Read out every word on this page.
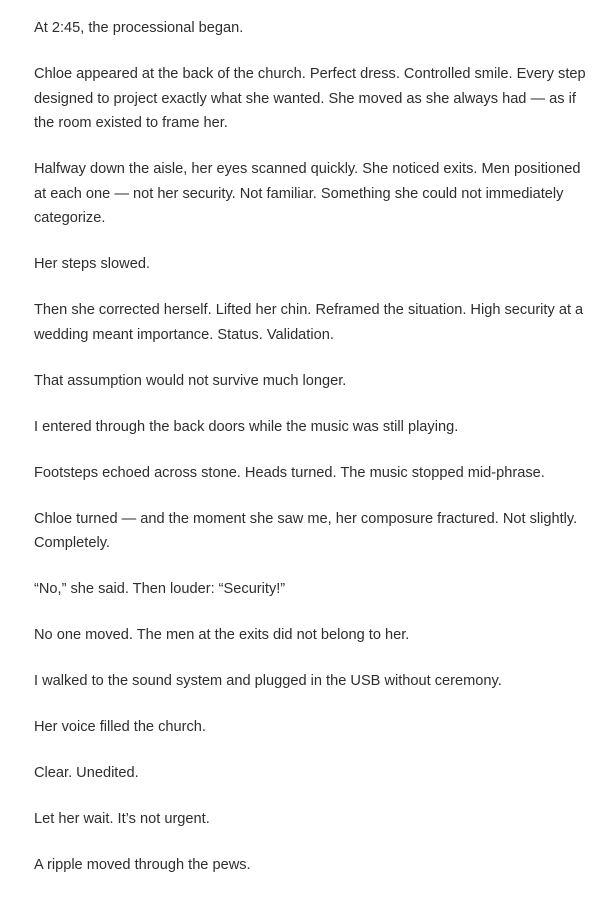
At 2:45, the processional began.

Chloe appeared at the back of the church. Perfect dress. Controlled smile. Every step designed to project exactly what she wanted. She moved as she always had — as if the room existed to frame her.

Halfway down the aisle, her eyes scanned quickly. She noticed exits. Men positioned at each one — not her security. Not familiar. Something she could not immediately categorize.

Her steps slowed.

Then she corrected herself. Lifted her chin. Reframed the situation. High security at a wedding meant importance. Status. Validation.

That assumption would not survive much longer.

I entered through the back doors while the music was still playing.

Footsteps echoed across stone. Heads turned. The music stopped mid-phrase.

Chloe turned — and the moment she saw me, her composure fractured. Not slightly. Completely.

“No,” she said. Then louder: “Security!”

No one moved. The men at the exits did not belong to her.

I walked to the sound system and plugged in the USB without ceremony.

Her voice filled the church.

Clear. Unedited.

Let her wait. It’s not urgent.

A ripple moved through the pews.
